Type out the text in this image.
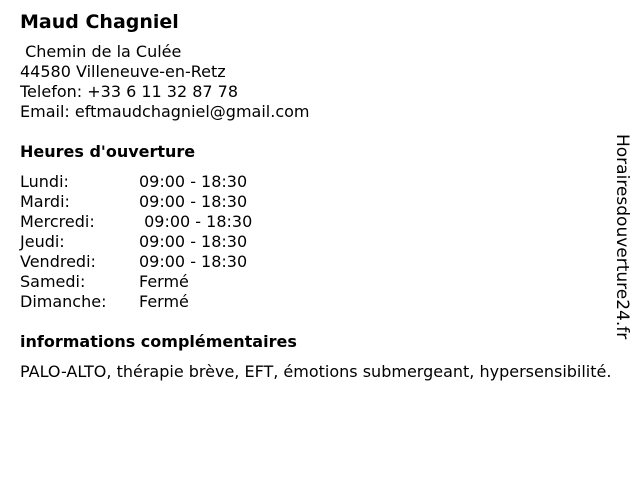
Maud Chagniel
Chemin de la Culée
44580 Villeneuve-en-Retz
Telefon: +33 6 11 32 87 78
Email: eftmaudchagniel@gmail.com
Heures d'ouverture
Lundi:	09:00 - 18:30
Mardi:	09:00 - 18:30
Mercredi:	09:00 - 18:30
Jeudi:	09:00 - 18:30
Vendredi:	09:00 - 18:30
Samedi:	Fermé
Dimanche:	Fermé
informations complémentaires
PALO-ALTO, thérapie brève, EFT, émotions submergeant, hypersensibilité.
Horairesdouverture24.fr
